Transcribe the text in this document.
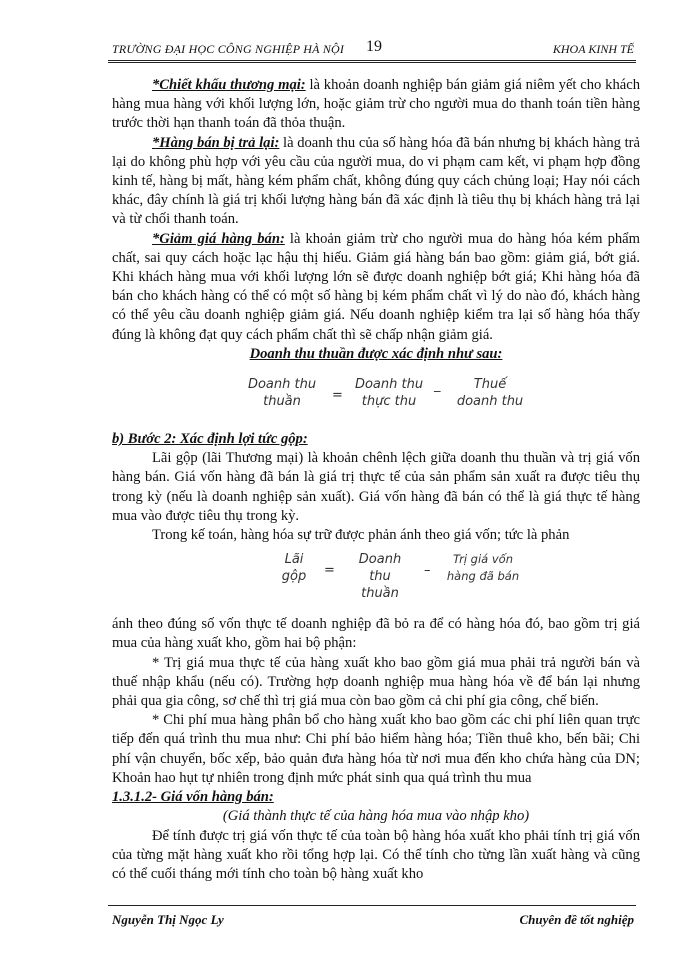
TRƯỜNG ĐẠI HỌC CÔNG NGHIỆP HÀ NỘI 19	KHOA KINH TẾ

*Chiết khấu thương mại: là khoản doanh nghiệp bán giảm giá niêm yết cho khách hàng mua hàng với khối lượng lớn, hoặc giảm trừ cho người mua do thanh toán tiền hàng trước thời hạn thanh toán đã thỏa thuận.

*Hàng bán bị trả lại: là doanh thu của số hàng hóa đã bán nhưng bị khách hàng trả lại do không phù hợp với yêu cầu của người mua, do vi phạm cam kết, vi phạm hợp đồng kinh tế, hàng bị mất, hàng kém phẩm chất, không đúng quy cách chủng loại; Hay nói cách khác, đây chính là giá trị khối lượng hàng bán đã xác định là tiêu thụ bị khách hàng trả lại và từ chối thanh toán.

*Giảm giá hàng bán: là khoản giảm trừ cho người mua do hàng hóa kém phẩm chất, sai quy cách hoặc lạc hậu thị hiếu. Giảm giá hàng bán bao gồm: giảm giá, bớt giá. Khi khách hàng mua với khối lượng lớn sẽ được doanh nghiệp bớt giá; Khi hàng hóa đã bán cho khách hàng có thể có một số hàng bị kém phẩm chất vì lý do nào đó, khách hàng có thể yêu cầu doanh nghiệp giảm giá. Nếu doanh nghiệp kiểm tra lại số hàng hóa thấy đúng là không đạt quy cách phẩm chất thì sẽ chấp nhận giảm giá.

Doanh thu thuần được xác định như sau:

Doanh thu
thuần	=
Doanh thu
thực thu
_	Thuế
doanh thu

b) Bước 2: Xác định lợi tức gộp:

Lãi gộp (lãi Thương mại) là khoản chênh lệch giữa doanh thu thuần và trị giá vốn hàng bán. Giá vốn hàng đã bán là giá trị thực tế của sản phẩm sản xuất ra được tiêu thụ trong kỳ (nếu là doanh nghiệp sản xuất). Giá vốn hàng đã bán có thể là giá thực tế hàng mua vào được tiêu thụ trong kỳ.

Trong kế toán, hàng hóa sự trữ được phản ánh theo giá vốn; tức là phản

Lãi
gộp	=
Doanh
thu
thuần
–
Trị giá vốn
hàng đã bán

ánh theo đúng số vốn thực tế doanh nghiệp đã bỏ ra để có hàng hóa đó, bao gồm trị giá mua của hàng xuất kho, gồm hai bộ phận:

* Trị giá mua thực tế của hàng xuất kho bao gồm giá mua phải trả người bán và thuế nhập khẩu (nếu có). Trường hợp doanh nghiệp mua hàng hóa về để bán lại nhưng phải qua gia công, sơ chế thì trị giá mua còn bao gồm cả chi phí gia công, chế biến.

* Chi phí mua hàng phân bổ cho hàng xuất kho bao gồm các chi phí liên quan trực tiếp đến quá trình thu mua như: Chi phí bảo hiểm hàng hóa; Tiền thuê kho, bến bãi; Chi phí vận chuyển, bốc xếp, bảo quản đưa hàng hóa từ nơi mua đến kho chứa hàng của DN; Khoản hao hụt tự nhiên trong định mức phát sinh qua quá trình thu mua

1.3.1.2- Giá vốn hàng bán:

(Giá thành thực tế của hàng hóa mua vào nhập kho)

Để tính được trị giá vốn thực tế của toàn bộ hàng hóa xuất kho phải tính trị giá vốn của từng mặt hàng xuất kho rồi tổng hợp lại. Có thể tính cho từng lần xuất hàng và cũng có thể cuối tháng mới tính cho toàn bộ hàng xuất kho

Nguyễn Thị Ngọc Ly	Chuyên đề tốt nghiệp
